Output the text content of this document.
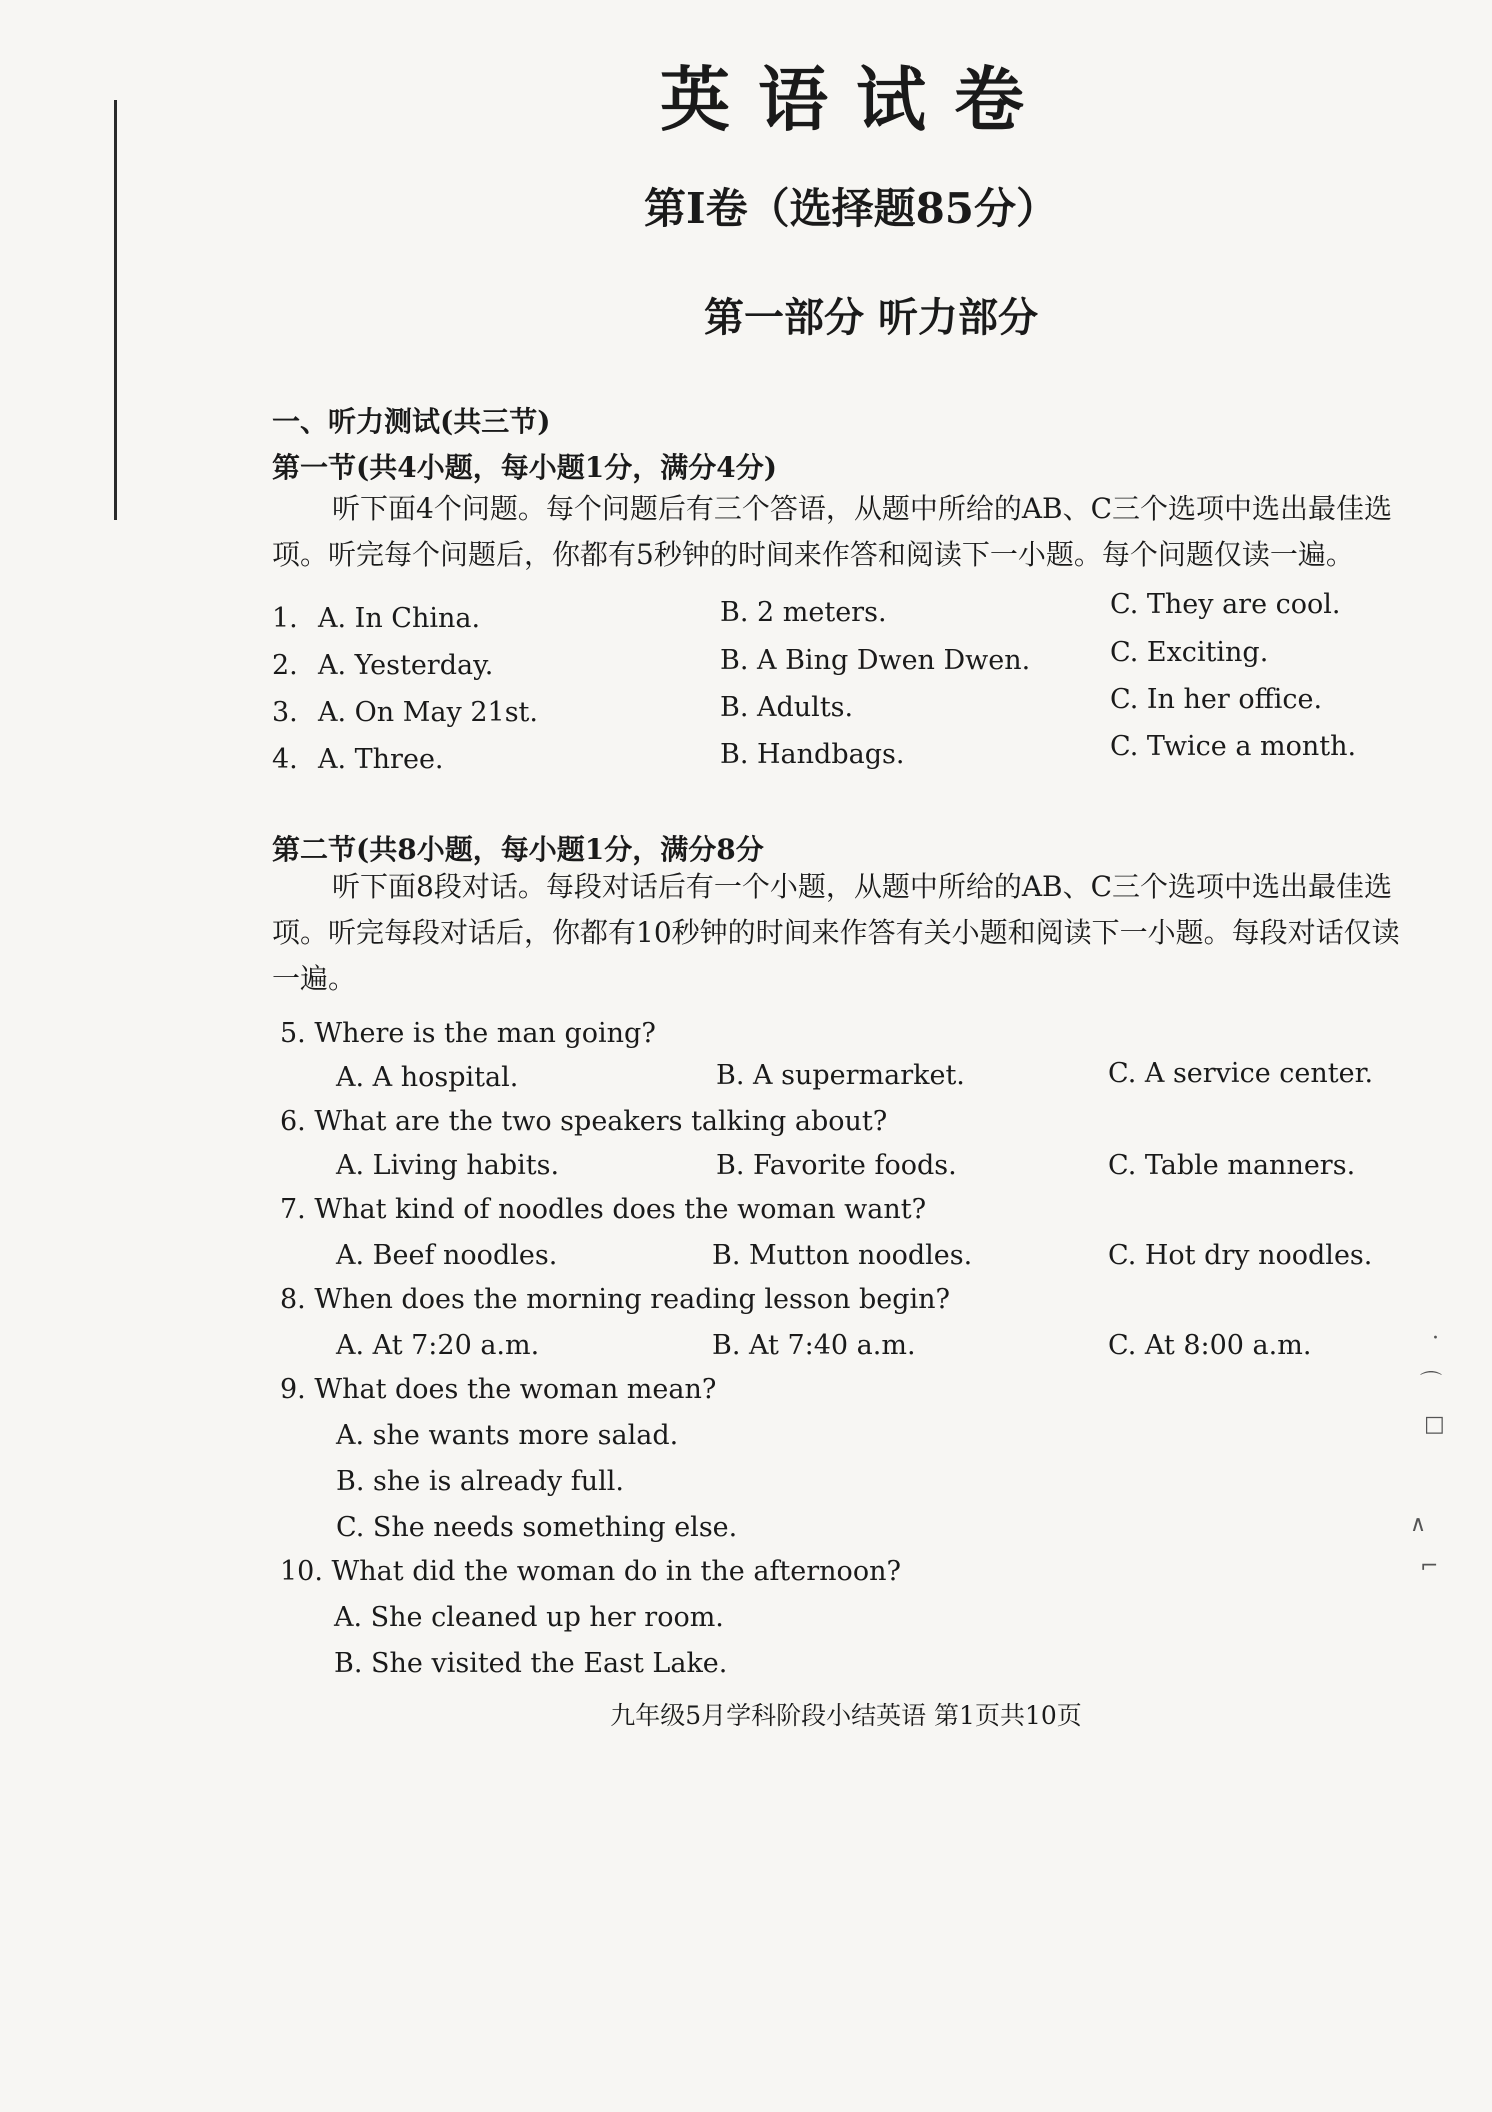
英语试卷
第I卷（选择题85分）
第一部分 听力部分
一、听力测试(共三节)
第一节(共4小题，每小题1分，满分4分)
听下面4个问题。每个问题后有三个答语，从题中所给的AB、C三个选项中选出最佳选项。听完每个问题后，你都有5秒钟的时间来作答和阅读下一小题。每个问题仅读一遍。
1. A. In China.	B. 2 meters.	C. They are cool.
2. A. Yesterday.	B. A Bing Dwen Dwen.	C. Exciting.
3. A. On May 21st.	B. Adults.	C. In her office.
4. A. Three.	B. Handbags.	C. Twice a month.
第二节(共8小题，每小题1分，满分8分
听下面8段对话。每段对话后有一个小题，从题中所给的AB、C三个选项中选出最佳选项。听完每段对话后，你都有10秒钟的时间来作答有关小题和阅读下一小题。每段对话仅读一遍。
5. Where is the man going?
A. A hospital.	B. A supermarket.	C. A service center.
6. What are the two speakers talking about?
A. Living habits.	B. Favorite foods.	C. Table manners.
7. What kind of noodles does the woman want?
A. Beef noodles.	B. Mutton noodles.	C. Hot dry noodles.
8. When does the morning reading lesson begin?
A. At 7:20 a.m.	B. At 7:40 a.m.	C. At 8:00 a.m.
9. What does the woman mean?
A. she wants more salad.
B. she is already full.
C. She needs something else.
10. What did the woman do in the afternoon?
A. She cleaned up her room.
B. She visited the East Lake.
·
⌒
□
∧
⌐
九年级5月学科阶段小结英语 第1页共10页
